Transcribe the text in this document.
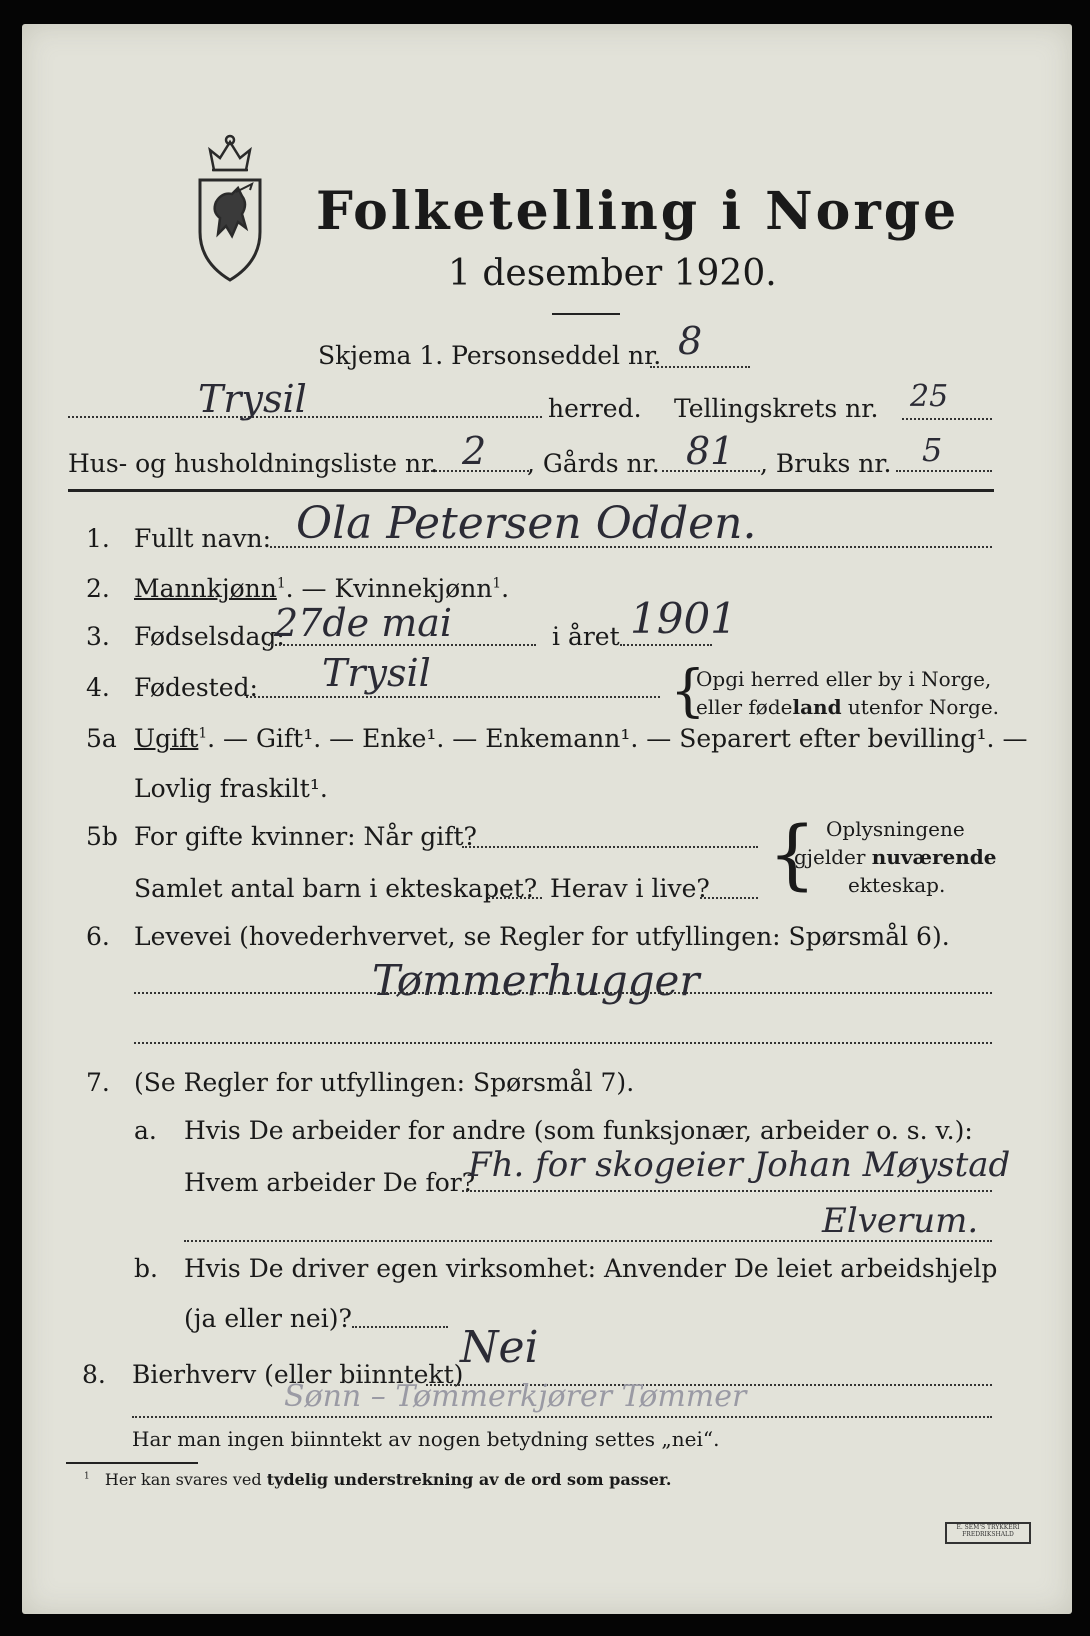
Folketelling i Norge
1 desember 1920.
Skjema 1. Personseddel nr. 8
Trysil	herred. Tellingskrets nr. 25
Hus- og husholdningsliste nr. 2 , Gårds nr. 81 , Bruks nr. 5
1. Fullt navn: Ola Petersen Odden.
2. Mannkjønn$^1$. — Kvinnekjønn$^1$.
3. Fødselsdag:
27de mai	i året 1901
4. Fødested: Trysil	{
Opgi herred eller by i Norge,
eller fødeland utenfor Norge.
5a Ugift$^1$. — Gift¹. — Enke¹. — Enkemann¹. — Separert efter bevilling¹. —
Lovlig fraskilt¹.
5b For gifte kvinner: Når gift?
Samlet antal barn i ekteskapet? Herav i live? { Oplysningene
gjelder nuværende
ekteskap.
6. Levevei (hovederhvervet, se Regler for utfyllingen: Spørsmål 6).
Tømmerhugger
7. (Se Regler for utfyllingen: Spørsmål 7).
a. Hvis De arbeider for andre (som funksjonær, arbeider o. s. v.):
Hvem arbeider De for?
Fh. for skogeier Johan Møystad
Elverum.
b. Hvis De driver egen virksomhet: Anvender De leiet arbeidshjelp
(ja eller nei)?
8. Bierhverv (eller biinntekt)
Nei
Sønn – Tømmerkjører Tømmer
Har man ingen biinntekt av nogen betydning settes „nei“.
$^1$ Her kan svares ved tydelig understrekning av de ord som passer.
E. SEM'S TRYKKERI
FREDRIKSHALD
